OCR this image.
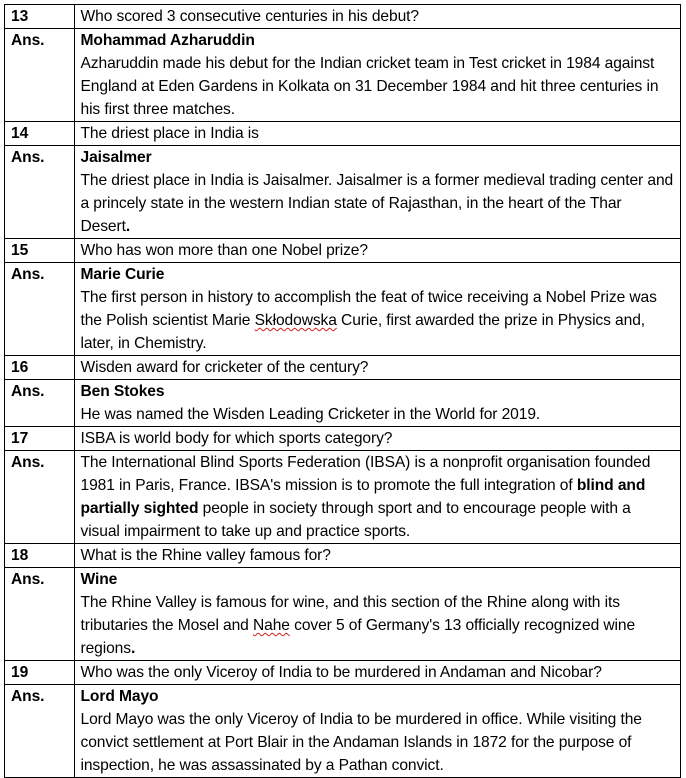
13	Who scored 3 consecutive centuries in his debut?
Ans.	Mohammad Azharuddin
Azharuddin made his debut for the Indian cricket team in Test cricket in 1984 against England at Eden Gardens in Kolkata on 31 December 1984 and hit three centuries in his first three matches.

14	The driest place in India is
Ans.	Jaisalmer
The driest place in India is Jaisalmer. Jaisalmer is a former medieval trading center and a princely state in the western Indian state of Rajasthan, in the heart of the Thar Desert.

15	Who has won more than one Nobel prize?
Ans.	Marie Curie
The first person in history to accomplish the feat of twice receiving a Nobel Prize was the Polish scientist Marie Skłodowska Curie, first awarded the prize in Physics and, later, in Chemistry.

16	Wisden award for cricketer of the century?
Ans.	Ben Stokes
He was named the Wisden Leading Cricketer in the World for 2019.

17	ISBA is world body for which sports category?
Ans.	The International Blind Sports Federation (IBSA) is a nonprofit organisation founded 1981 in Paris, France. IBSA's mission is to promote the full integration of blind and partially sighted people in society through sport and to encourage people with a visual impairment to take up and practice sports.

18	What is the Rhine valley famous for?
Ans.	Wine
The Rhine Valley is famous for wine, and this section of the Rhine along with its tributaries the Mosel and Nahe cover 5 of Germany's 13 officially recognized wine regions.

19	Who was the only Viceroy of India to be murdered in Andaman and Nicobar?
Ans.	Lord Mayo
Lord Mayo was the only Viceroy of India to be murdered in office. While visiting the convict settlement at Port Blair in the Andaman Islands in 1872 for the purpose of inspection, he was assassinated by a Pathan convict.
